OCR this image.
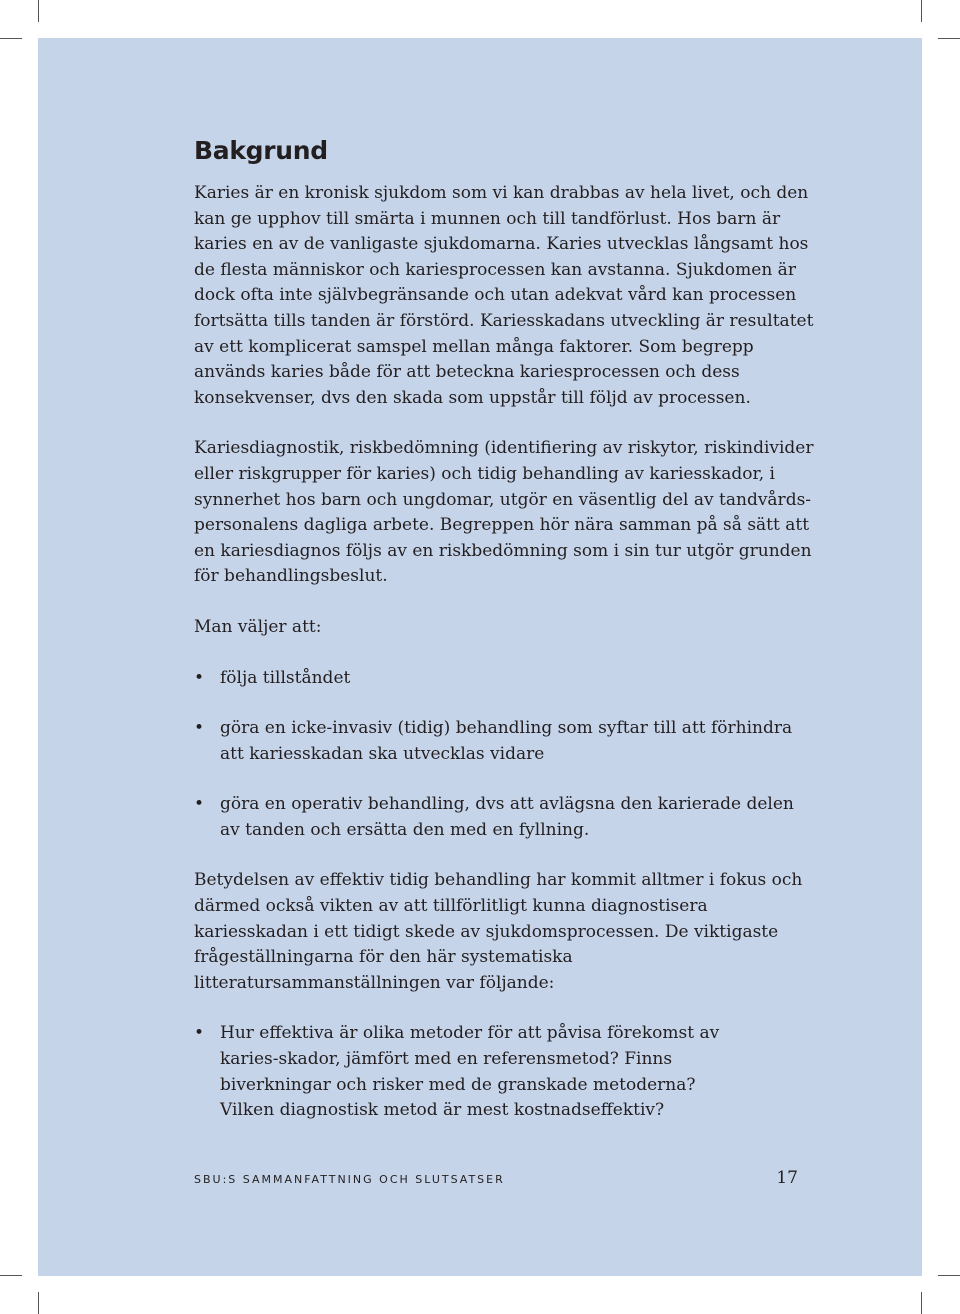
Bakgrund

Karies är en kronisk sjukdom som vi kan drabbas av hela livet, och den kan ge upphov till smärta i munnen och till tandförlust. Hos barn är karies en av de vanligaste sjukdomarna. Karies utvecklas långsamt hos de flesta människor och kariesprocessen kan avstanna. Sjukdomen är dock ofta inte självbegränsande och utan adekvat vård kan processen fortsätta tills tanden är förstörd. Kariesskadans utveckling är resultatet av ett komplicerat samspel mellan många faktorer. Som begrepp används karies både för att beteckna kariesprocessen och dess konsekvenser, dvs den skada som uppstår till följd av processen.

Kariesdiagnostik, riskbedömning (identifiering av riskytor, riskindivider eller riskgrupper för karies) och tidig behandling av kariesskador, i synnerhet hos barn och ungdomar, utgör en väsentlig del av tandvårds-personalens dagliga arbete. Begreppen hör nära samman på så sätt att en kariesdiagnos följs av en riskbedömning som i sin tur utgör grunden för behandlingsbeslut.

Man väljer att:

• följa tillståndet
• göra en icke-invasiv (tidig) behandling som syftar till att förhindra att kariesskadan ska utvecklas vidare
• göra en operativ behandling, dvs att avlägsna den karierade delen av tanden och ersätta den med en fyllning.

Betydelsen av effektiv tidig behandling har kommit alltmer i fokus och därmed också vikten av att tillförlitligt kunna diagnostisera kariesskadan i ett tidigt skede av sjukdomsprocessen. De viktigaste frågeställningarna för den här systematiska litteratursammanställningen var följande:

• Hur effektiva är olika metoder för att påvisa förekomst av karies-skador, jämfört med en referensmetod? Finns biverkningar och risker med de granskade metoderna? Vilken diagnostisk metod är mest kostnadseffektiv?
SBU:S SAMMANFATTNING OCH SLUTSATSER	17
